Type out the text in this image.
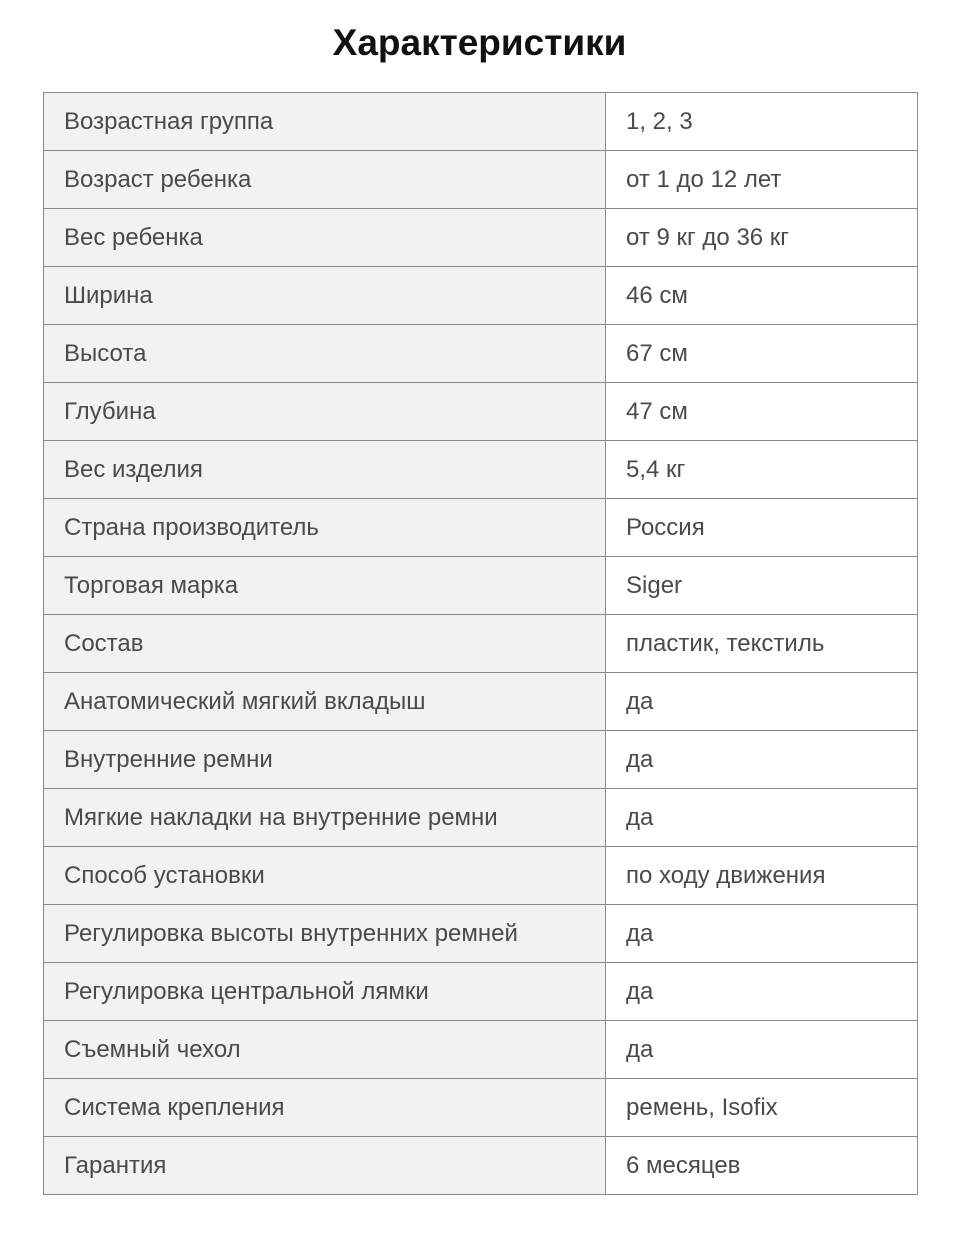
Характеристики
Возрастная группа	1, 2, 3
Возраст ребенка	от 1 до 12 лет
Вес ребенка	от 9 кг до 36 кг
Ширина	46 см
Высота	67 см
Глубина	47 см
Вес изделия	5,4 кг
Страна производитель	Россия
Торговая марка	Siger
Состав	пластик, текстиль
Анатомический мягкий вкладыш	да
Внутренние ремни	да
Мягкие накладки на внутренние ремни	да
Способ установки	по ходу движения
Регулировка высоты внутренних ремней	да
Регулировка центральной лямки	да
Съемный чехол	да
Система крепления	ремень, Isofix
Гарантия	6 месяцев
